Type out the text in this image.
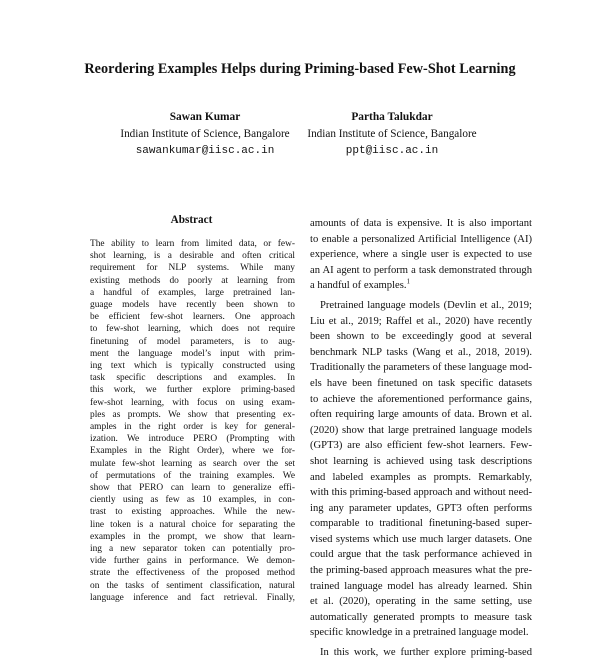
Reordering Examples Helps during Priming-based Few-Shot Learning
Sawan Kumar
Indian Institute of Science, Bangalore
sawankumar@iisc.ac.in
Partha Talukdar
Indian Institute of Science, Bangalore
ppt@iisc.ac.in
Abstract
The ability to learn from limited data, or few-
shot learning, is a desirable and often critical
requirement for NLP systems. While many
existing methods do poorly at learning from
a handful of examples, large pretrained lan-
guage models have recently been shown to
be efficient few-shot learners. One approach
to few-shot learning, which does not require
finetuning of model parameters, is to aug-
ment the language model’s input with prim-
ing text which is typically constructed using
task specific descriptions and examples. In
this work, we further explore priming-based
few-shot learning, with focus on using exam-
ples as prompts. We show that presenting ex-
amples in the right order is key for general-
ization. We introduce PERO (Prompting with
Examples in the Right Order), where we for-
mulate few-shot learning as search over the set
of permutations of the training examples. We
show that PERO can learn to generalize effi-
ciently using as few as 10 examples, in con-
trast to existing approaches. While the new-
line token is a natural choice for separating the
examples in the prompt, we show that learn-
ing a new separator token can potentially pro-
vide further gains in performance. We demon-
strate the effectiveness of the proposed method
on the tasks of sentiment classification, natural
language inference and fact retrieval. Finally,
amounts of data is expensive. It is also important
to enable a personalized Artificial Intelligence (AI)
experience, where a single user is expected to use
an AI agent to perform a task demonstrated through
a handful of examples.$^1$
Pretrained language models (Devlin et al., 2019;
Liu et al., 2019; Raffel et al., 2020) have recently
been shown to be exceedingly good at several
benchmark NLP tasks (Wang et al., 2018, 2019).
Traditionally the parameters of these language mod-
els have been finetuned on task specific datasets
to achieve the aforementioned performance gains,
often requiring large amounts of data. Brown et al.
(2020) show that large pretrained language models
(GPT3) are also efficient few-shot learners. Few-
shot learning is achieved using task descriptions
and labeled examples as prompts. Remarkably,
with this priming-based approach and without need-
ing any parameter updates, GPT3 often performs
comparable to traditional finetuning-based super-
vised systems which use much larger datasets. One
could argue that the task performance achieved in
the priming-based approach measures what the pre-
trained language model has already learned. Shin
et al. (2020), operating in the same setting, use
automatically generated prompts to measure task
specific knowledge in a pretrained language model.
In this work, we further explore priming-based
